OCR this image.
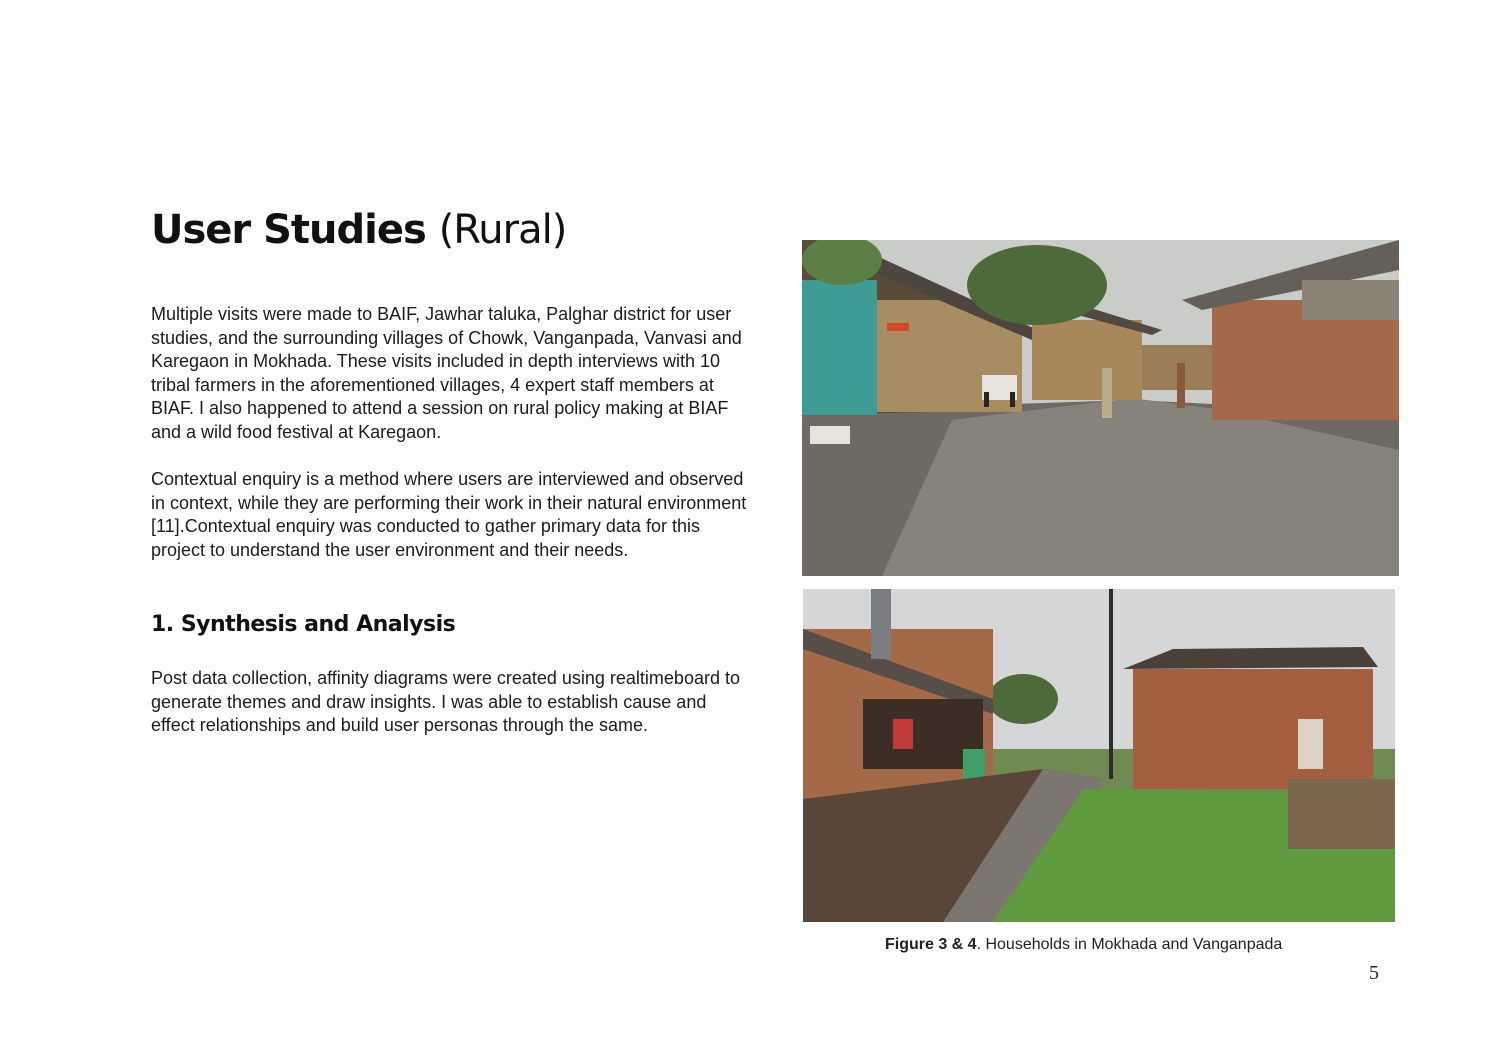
User Studies (Rural)

Multiple visits were made to BAIF, Jawhar taluka, Palghar district for user studies, and the surrounding villages of Chowk, Vanganpada, Vanvasi and Karegaon in Mokhada. These visits included in depth interviews with 10 tribal farmers in the aforementioned villages, 4 expert staff members at BIAF. I also happened to attend a session on rural policy making at BIAF and a wild food festival at Karegaon.

Contextual enquiry is a method where users are interviewed and observed in context, while they are performing their work in their natural environment [11].Contextual enquiry was conducted to gather primary data for this project to understand the user environment and their needs.

1. Synthesis and Analysis

Post data collection, affinity diagrams were created using realtimeboard to generate themes and draw insights. I was able to establish cause and effect relationships and build user personas through the same.

Figure 3 & 4. Households in Mokhada and Vanganpada

5
